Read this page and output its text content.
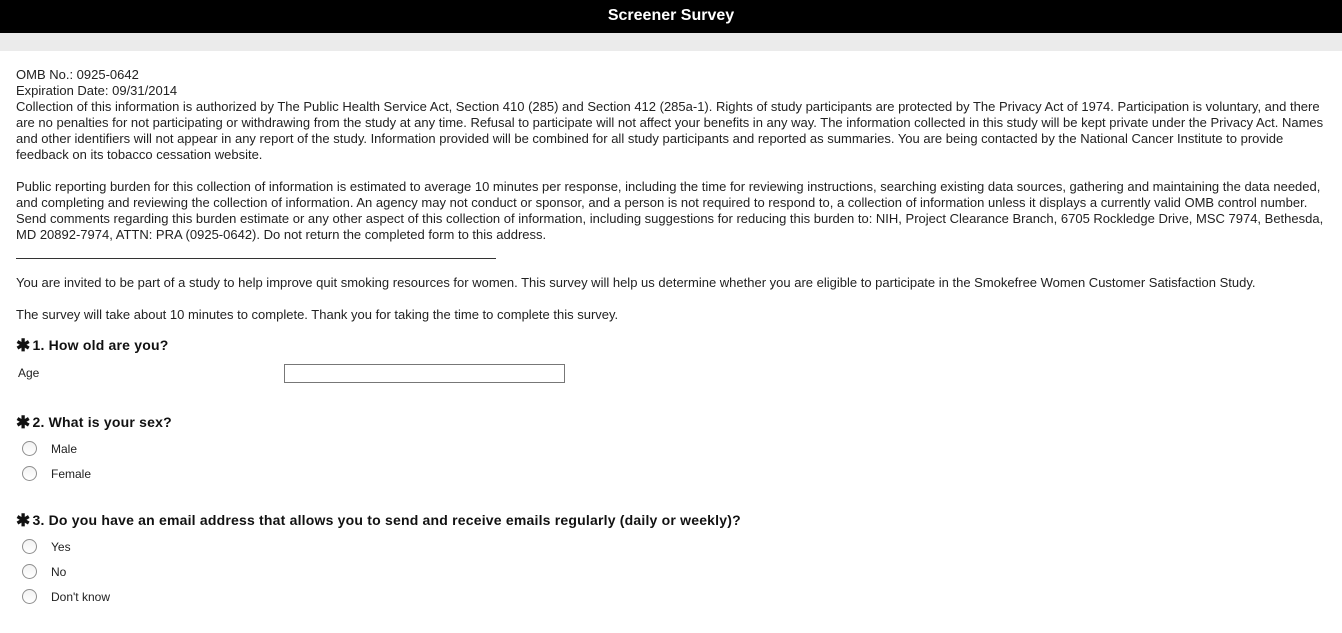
Screener Survey

OMB No.: 0925-0642

Expiration Date: 09/31/2014

Collection of this information is authorized by The Public Health Service Act, Section 410 (285) and Section 412 (285a-1). Rights of study participants are protected by The Privacy Act of 1974. Participation is voluntary, and there are no penalties for not participating or withdrawing from the study at any time. Refusal to participate will not affect your benefits in any way. The information collected in this study will be kept private under the Privacy Act. Names and other identifiers will not appear in any report of the study. Information provided will be combined for all study participants and reported as summaries. You are being contacted by the National Cancer Institute to provide feedback on its tobacco cessation website.

Public reporting burden for this collection of information is estimated to average 10 minutes per response, including the time for reviewing instructions, searching existing data sources, gathering and maintaining the data needed, and completing and reviewing the collection of information. An agency may not conduct or sponsor, and a person is not required to respond to, a collection of information unless it displays a currently valid OMB control number. Send comments regarding this burden estimate or any other aspect of this collection of information, including suggestions for reducing this burden to: NIH, Project Clearance Branch, 6705 Rockledge Drive, MSC 7974, Bethesda, MD 20892-7974, ATTN: PRA (0925-0642). Do not return the completed form to this address.

You are invited to be part of a study to help improve quit smoking resources for women. This survey will help us determine whether you are eligible to participate in the Smokefree Women Customer Satisfaction Study.

The survey will take about 10 minutes to complete. Thank you for taking the time to complete this survey.

✱ 1. How old are you?
Age
✱ 2. What is your sex?
Male
Female
✱ 3. Do you have an email address that allows you to send and receive emails regularly (daily or weekly)?
Yes
No
Don't know
